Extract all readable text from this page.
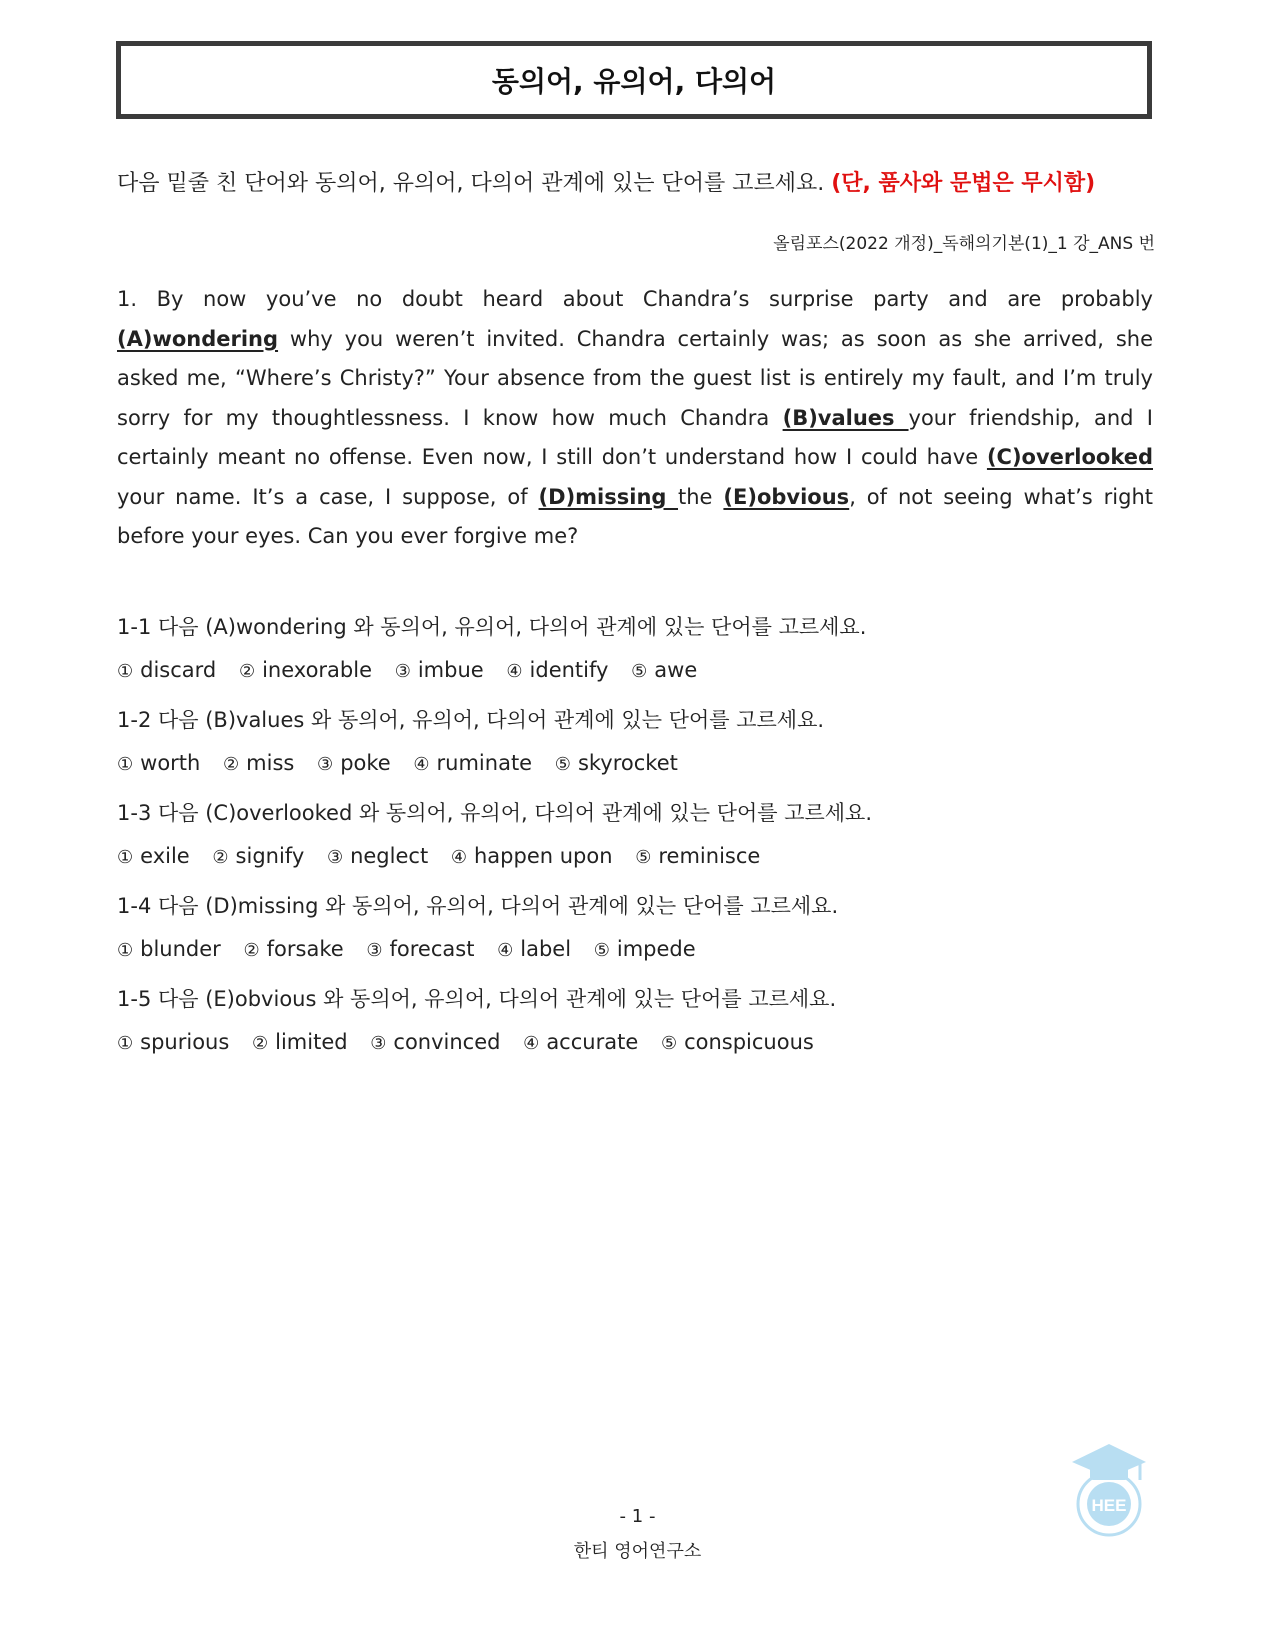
동의어, 유의어, 다의어
다음 밑줄 친 단어와 동의어, 유의어, 다의어 관계에 있는 단어를 고르세요. (단, 품사와 문법은 무시함)
올림포스(2022 개정)_독해의기본(1)_1 강_ANS 번
1. By now you’ve no doubt heard about Chandra’s surprise party and are probably (A)wondering why you weren’t invited. Chandra certainly was; as soon as she arrived, she asked me, “Where’s Christy?” Your absence from the guest list is entirely my fault, and I’m truly sorry for my thoughtlessness. I know how much Chandra (B)values your friendship, and I certainly meant no offense. Even now, I still don’t understand how I could have (C)overlooked your name. It’s a case, I suppose, of (D)missing the (E)obvious, of not seeing what’s right before your eyes. Can you ever forgive me?
1-1 다음 (A)wondering 와 동의어, 유의어, 다의어 관계에 있는 단어를 고르세요.
① discard ② inexorable ③ imbue ④ identify ⑤ awe
1-2 다음 (B)values 와 동의어, 유의어, 다의어 관계에 있는 단어를 고르세요.
① worth ② miss ③ poke ④ ruminate ⑤ skyrocket
1-3 다음 (C)overlooked 와 동의어, 유의어, 다의어 관계에 있는 단어를 고르세요.
① exile ② signify ③ neglect ④ happen upon ⑤ reminisce
1-4 다음 (D)missing 와 동의어, 유의어, 다의어 관계에 있는 단어를 고르세요.
① blunder ② forsake ③ forecast ④ label ⑤ impede
1-5 다음 (E)obvious 와 동의어, 유의어, 다의어 관계에 있는 단어를 고르세요.
① spurious ② limited ③ convinced ④ accurate ⑤ conspicuous
- 1 -
한티 영어연구소
HEE
